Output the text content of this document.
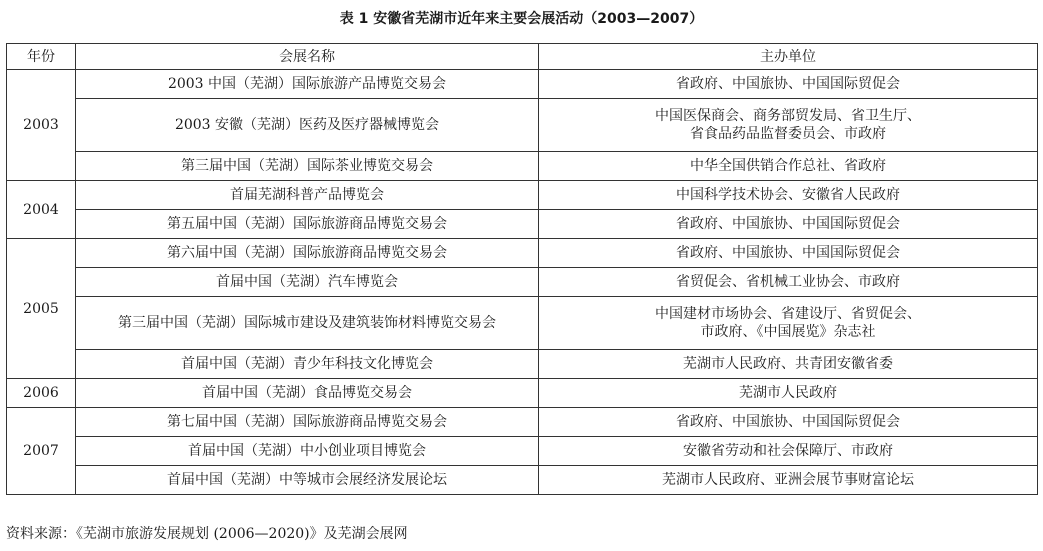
表 1 安徽省芜湖市近年来主要会展活动（2003—2007）
年份	会展名称	主办单位
2003	2003 中国（芜湖）国际旅游产品博览交易会	省政府、中国旅协、中国国际贸促会

	2003 安徽（芜湖）医药及医疗器械博览会	中国医保商会、商务部贸发局、省卫生厅、
省食品药品监督委员会、市政府

	第三届中国（芜湖）国际茶业博览交易会	中华全国供销合作总社、省政府

2004	首届芜湖科普产品博览会	中国科学技术协会、安徽省人民政府

	第五届中国（芜湖）国际旅游商品博览交易会	省政府、中国旅协、中国国际贸促会

2005	第六届中国（芜湖）国际旅游商品博览交易会	省政府、中国旅协、中国国际贸促会

	首届中国（芜湖）汽车博览会	省贸促会、省机械工业协会、市政府

	第三届中国（芜湖）国际城市建设及建筑装饰材料博览交易会	中国建材市场协会、省建设厅、省贸促会、
市政府、《中国展览》杂志社

	首届中国（芜湖）青少年科技文化博览会	芜湖市人民政府、共青团安徽省委

2006	首届中国（芜湖）食品博览交易会	芜湖市人民政府

2007	第七届中国（芜湖）国际旅游商品博览交易会	省政府、中国旅协、中国国际贸促会

	首届中国（芜湖）中小创业项目博览会	安徽省劳动和社会保障厅、市政府

	首届中国（芜湖）中等城市会展经济发展论坛	芜湖市人民政府、亚洲会展节事财富论坛
资料来源：《芜湖市旅游发展规划 (2006—2020)》及芜湖会展网
